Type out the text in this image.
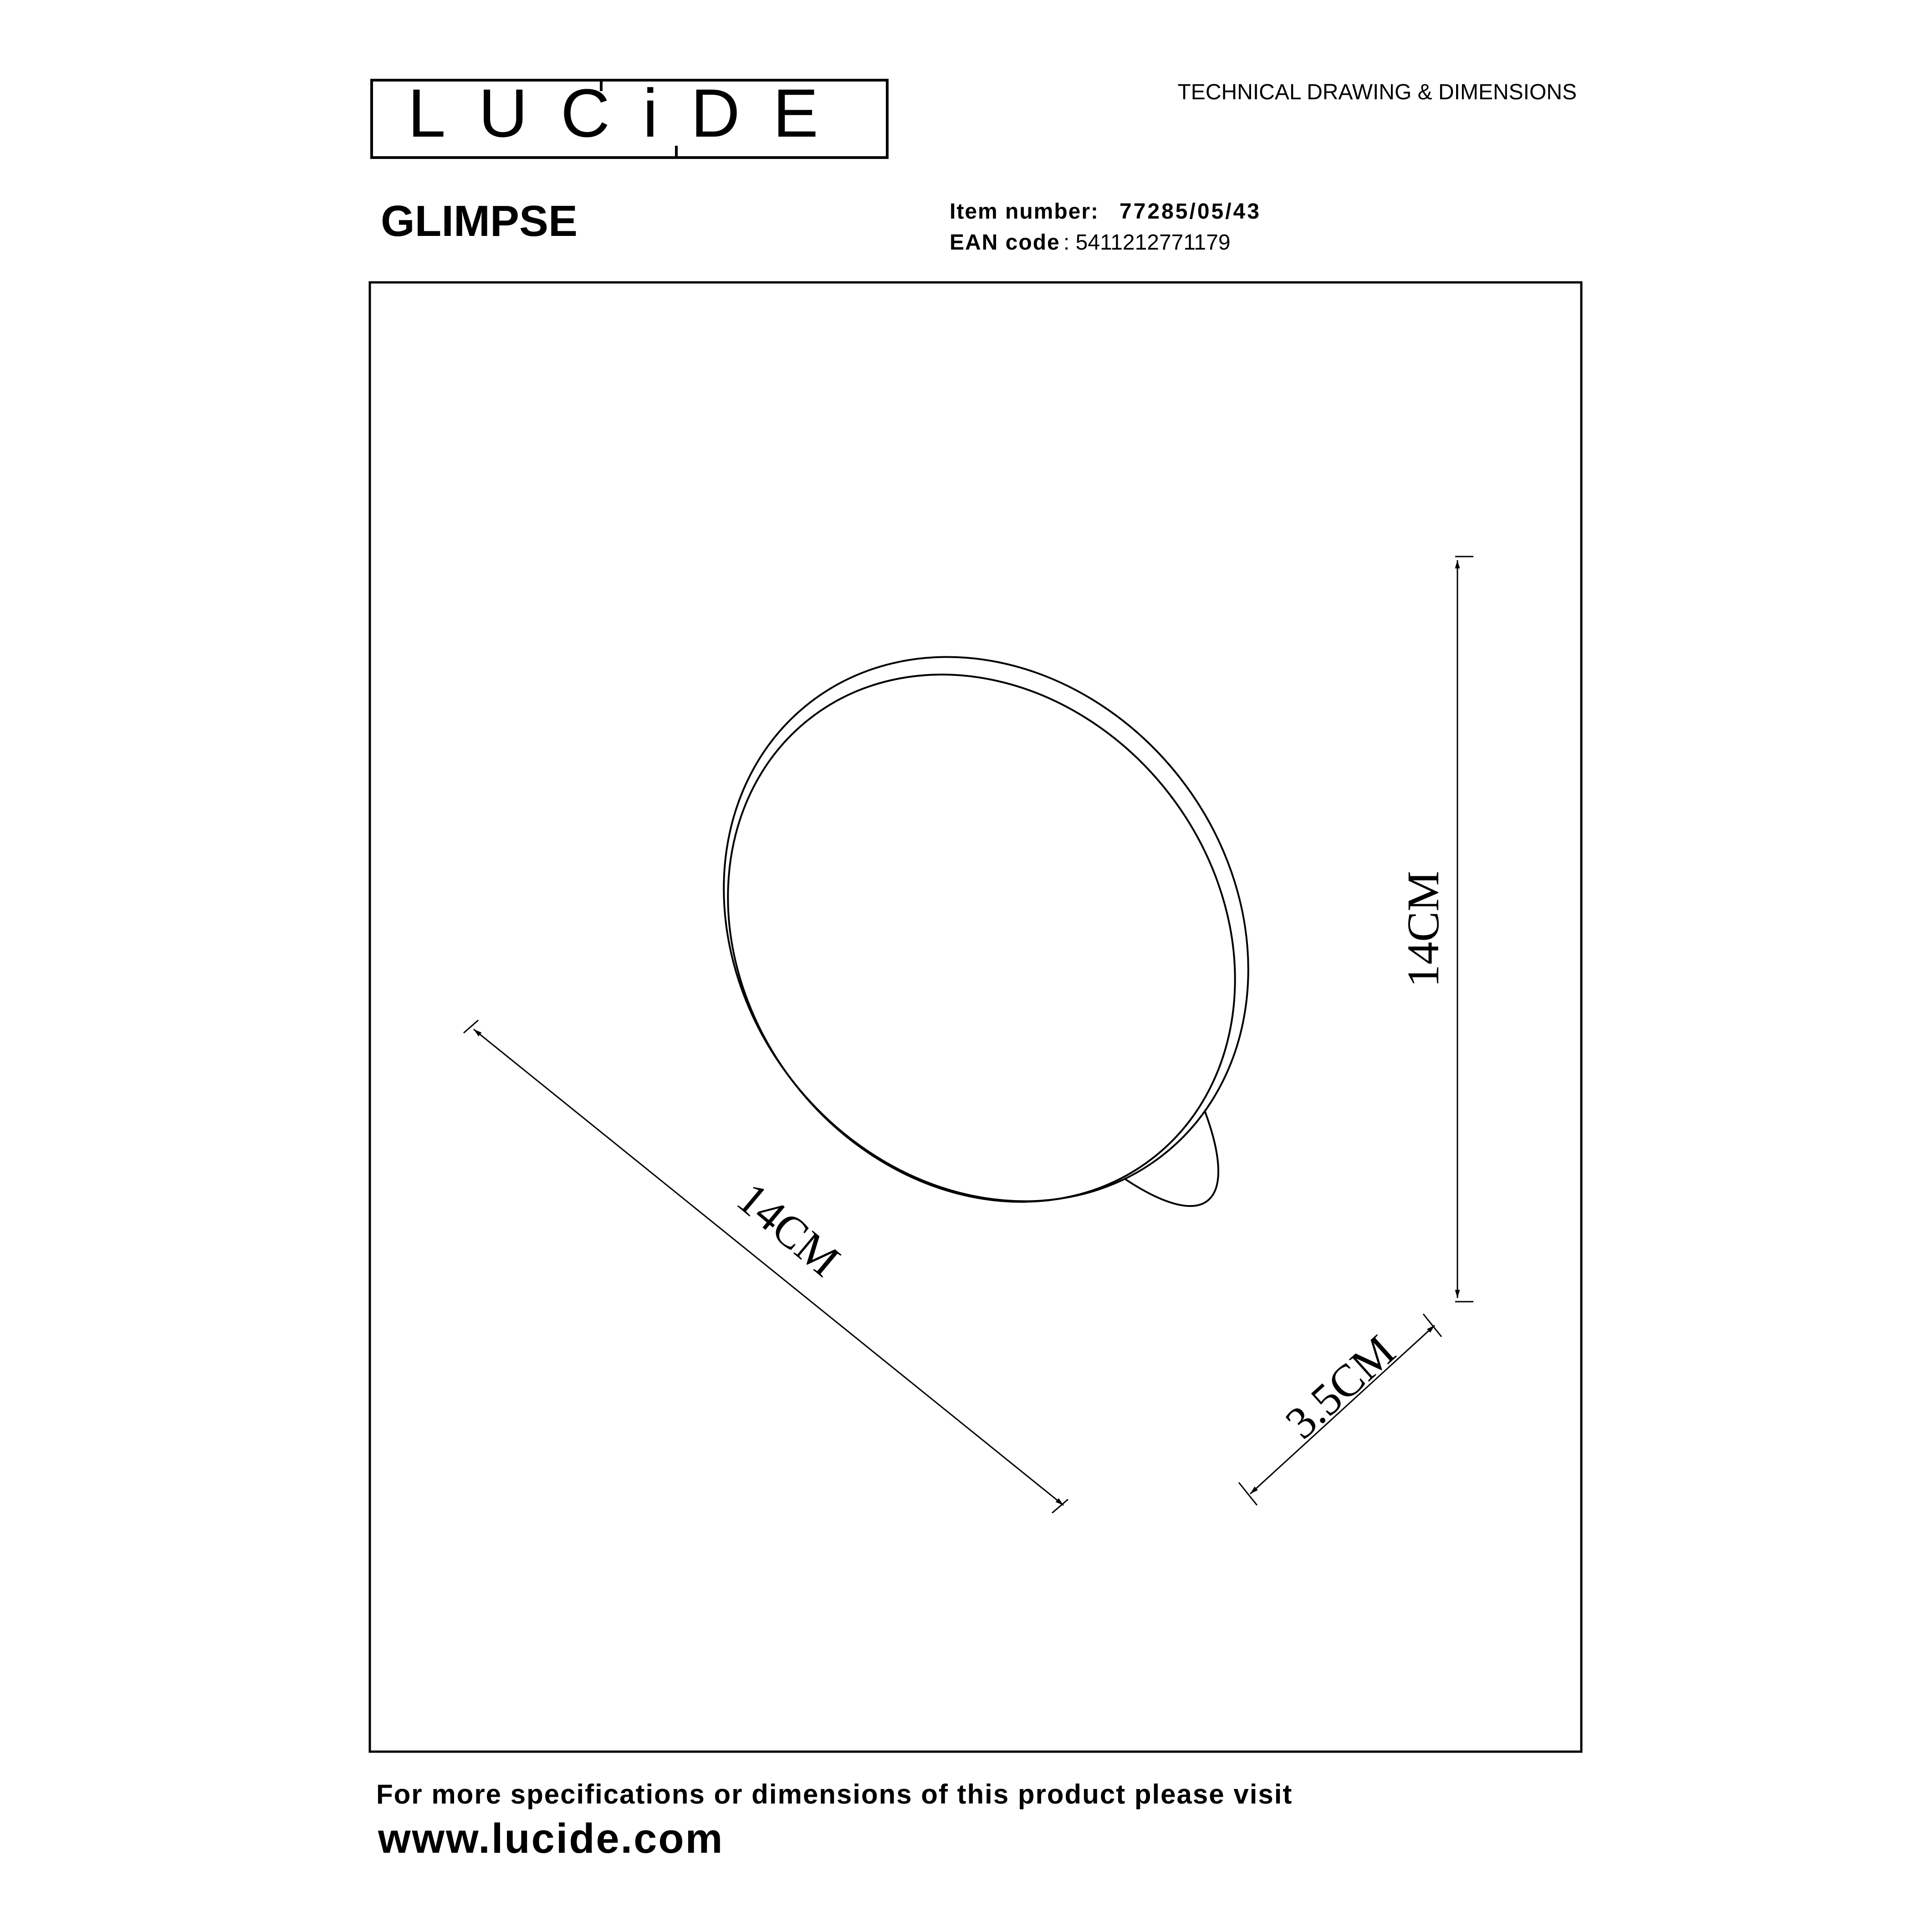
LUCiDE	TECHNICAL DRAWING & DIMENSIONS
GLIMPSE	Item number: 77285/05/43
EAN code : 5411212771179
14CM
14CM
3.5CM
For more specifications or dimensions of this product please visit
www.lucide.com
